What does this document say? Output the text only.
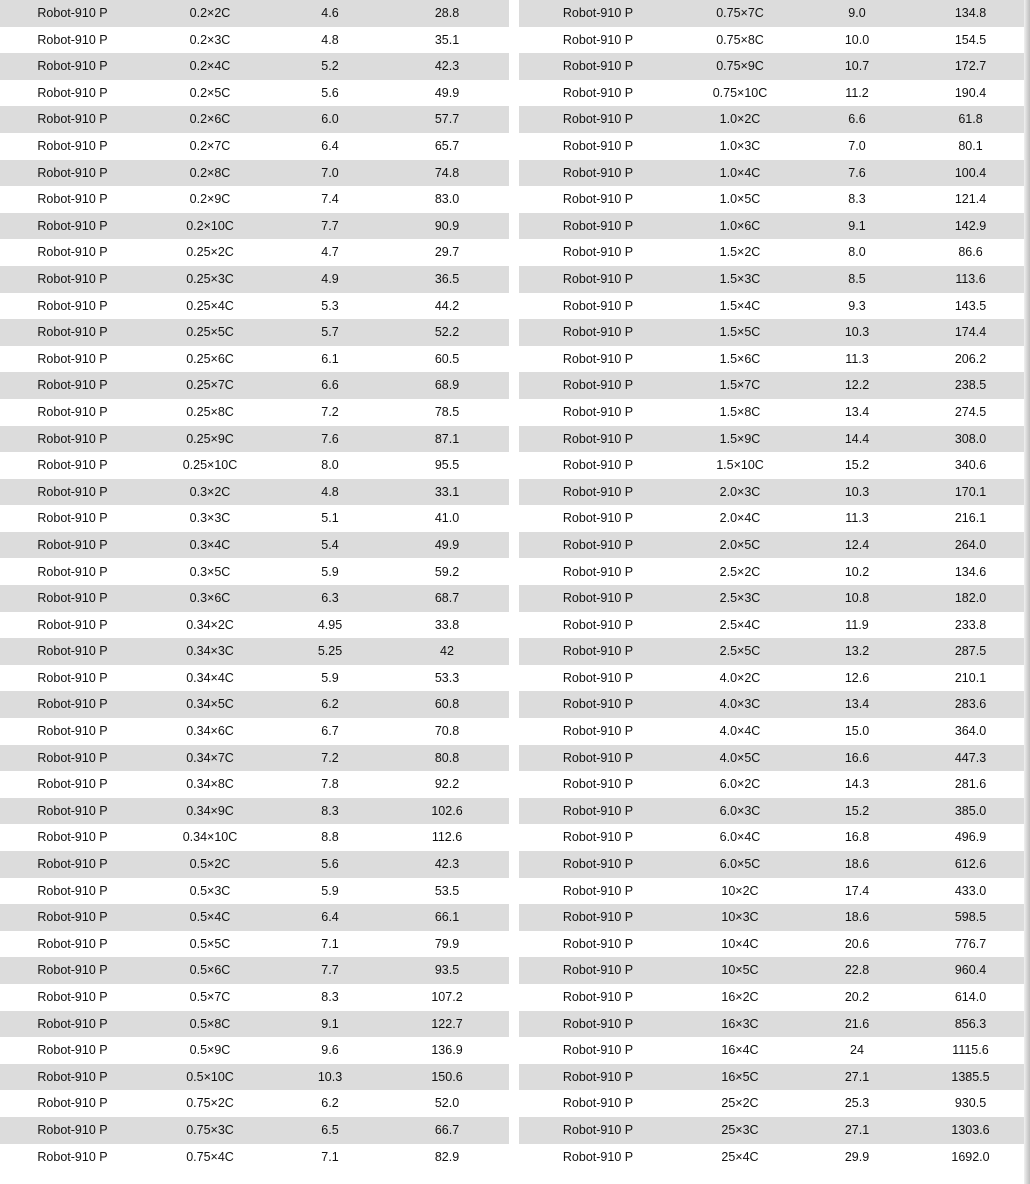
Robot-910 P	0.2×2C	4.6	28.8
Robot-910 P	0.2×3C	4.8	35.1
Robot-910 P	0.2×4C	5.2	42.3
Robot-910 P	0.2×5C	5.6	49.9
Robot-910 P	0.2×6C	6.0	57.7
Robot-910 P	0.2×7C	6.4	65.7
Robot-910 P	0.2×8C	7.0	74.8
Robot-910 P	0.2×9C	7.4	83.0
Robot-910 P	0.2×10C	7.7	90.9
Robot-910 P	0.25×2C	4.7	29.7
Robot-910 P	0.25×3C	4.9	36.5
Robot-910 P	0.25×4C	5.3	44.2
Robot-910 P	0.25×5C	5.7	52.2
Robot-910 P	0.25×6C	6.1	60.5
Robot-910 P	0.25×7C	6.6	68.9
Robot-910 P	0.25×8C	7.2	78.5
Robot-910 P	0.25×9C	7.6	87.1
Robot-910 P	0.25×10C	8.0	95.5
Robot-910 P	0.3×2C	4.8	33.1
Robot-910 P	0.3×3C	5.1	41.0
Robot-910 P	0.3×4C	5.4	49.9
Robot-910 P	0.3×5C	5.9	59.2
Robot-910 P	0.3×6C	6.3	68.7
Robot-910 P	0.34×2C	4.95	33.8
Robot-910 P	0.34×3C	5.25	42
Robot-910 P	0.34×4C	5.9	53.3
Robot-910 P	0.34×5C	6.2	60.8
Robot-910 P	0.34×6C	6.7	70.8
Robot-910 P	0.34×7C	7.2	80.8
Robot-910 P	0.34×8C	7.8	92.2
Robot-910 P	0.34×9C	8.3	102.6
Robot-910 P	0.34×10C	8.8	112.6
Robot-910 P	0.5×2C	5.6	42.3
Robot-910 P	0.5×3C	5.9	53.5
Robot-910 P	0.5×4C	6.4	66.1
Robot-910 P	0.5×5C	7.1	79.9
Robot-910 P	0.5×6C	7.7	93.5
Robot-910 P	0.5×7C	8.3	107.2
Robot-910 P	0.5×8C	9.1	122.7
Robot-910 P	0.5×9C	9.6	136.9
Robot-910 P	0.5×10C	10.3	150.6
Robot-910 P	0.75×2C	6.2	52.0
Robot-910 P	0.75×3C	6.5	66.7
Robot-910 P	0.75×4C	7.1	82.9
Robot-910 P	0.75×7C	9.0	134.8
Robot-910 P	0.75×8C	10.0	154.5
Robot-910 P	0.75×9C	10.7	172.7
Robot-910 P	0.75×10C	11.2	190.4
Robot-910 P	1.0×2C	6.6	61.8
Robot-910 P	1.0×3C	7.0	80.1
Robot-910 P	1.0×4C	7.6	100.4
Robot-910 P	1.0×5C	8.3	121.4
Robot-910 P	1.0×6C	9.1	142.9
Robot-910 P	1.5×2C	8.0	86.6
Robot-910 P	1.5×3C	8.5	113.6
Robot-910 P	1.5×4C	9.3	143.5
Robot-910 P	1.5×5C	10.3	174.4
Robot-910 P	1.5×6C	11.3	206.2
Robot-910 P	1.5×7C	12.2	238.5
Robot-910 P	1.5×8C	13.4	274.5
Robot-910 P	1.5×9C	14.4	308.0
Robot-910 P	1.5×10C	15.2	340.6
Robot-910 P	2.0×3C	10.3	170.1
Robot-910 P	2.0×4C	11.3	216.1
Robot-910 P	2.0×5C	12.4	264.0
Robot-910 P	2.5×2C	10.2	134.6
Robot-910 P	2.5×3C	10.8	182.0
Robot-910 P	2.5×4C	11.9	233.8
Robot-910 P	2.5×5C	13.2	287.5
Robot-910 P	4.0×2C	12.6	210.1
Robot-910 P	4.0×3C	13.4	283.6
Robot-910 P	4.0×4C	15.0	364.0
Robot-910 P	4.0×5C	16.6	447.3
Robot-910 P	6.0×2C	14.3	281.6
Robot-910 P	6.0×3C	15.2	385.0
Robot-910 P	6.0×4C	16.8	496.9
Robot-910 P	6.0×5C	18.6	612.6
Robot-910 P	10×2C	17.4	433.0
Robot-910 P	10×3C	18.6	598.5
Robot-910 P	10×4C	20.6	776.7
Robot-910 P	10×5C	22.8	960.4
Robot-910 P	16×2C	20.2	614.0
Robot-910 P	16×3C	21.6	856.3
Robot-910 P	16×4C	24	1115.6
Robot-910 P	16×5C	27.1	1385.5
Robot-910 P	25×2C	25.3	930.5
Robot-910 P	25×3C	27.1	1303.6
Robot-910 P	25×4C	29.9	1692.0
